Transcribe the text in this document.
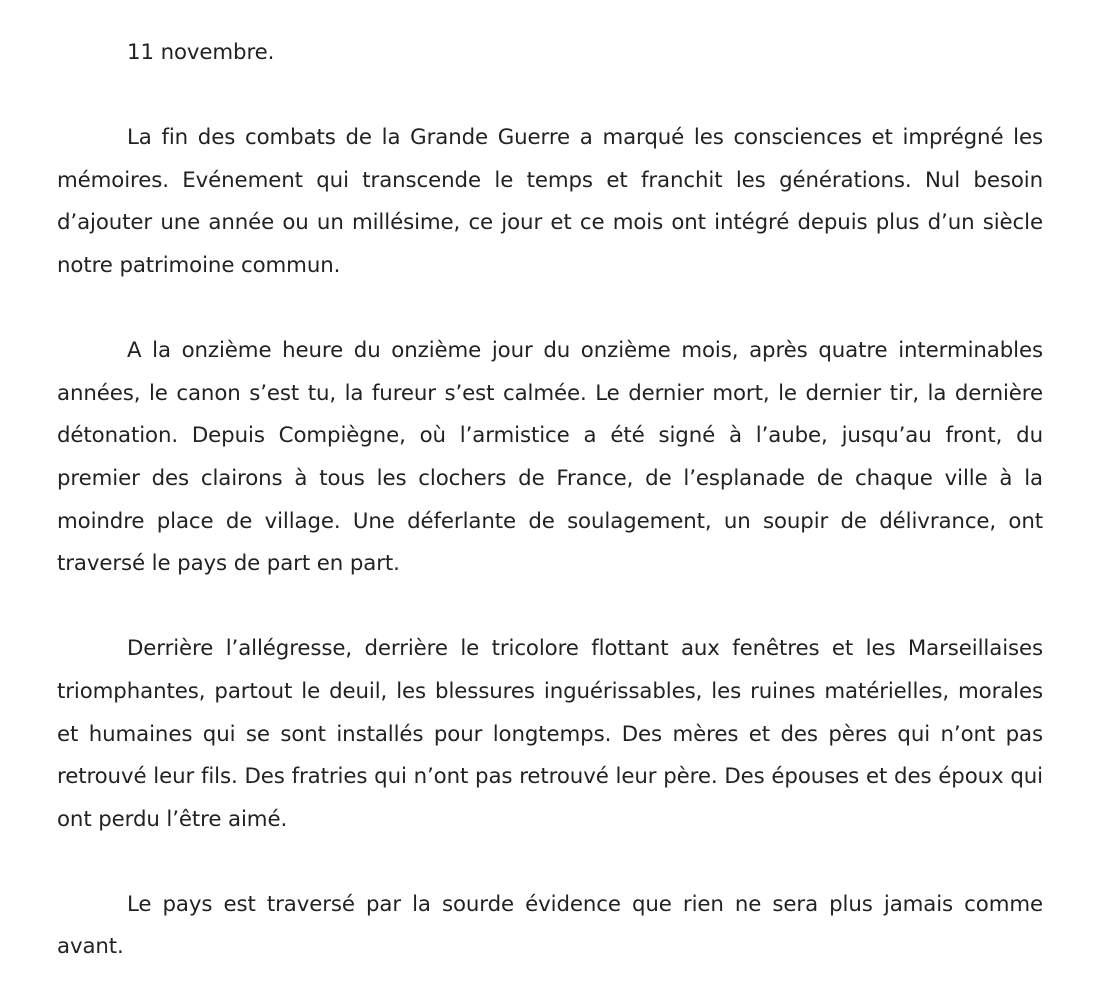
11 novembre.

La fin des combats de la Grande Guerre a marqué les consciences et imprégné les mémoires. Evénement qui transcende le temps et franchit les générations. Nul besoin d’ajouter une année ou un millésime, ce jour et ce mois ont intégré depuis plus d’un siècle notre patrimoine commun.

A la onzième heure du onzième jour du onzième mois, après quatre interminables années, le canon s’est tu, la fureur s’est calmée. Le dernier mort, le dernier tir, la dernière détonation. Depuis Compiègne, où l’armistice a été signé à l’aube, jusqu’au front, du premier des clairons à tous les clochers de France, de l’esplanade de chaque ville à la moindre place de village. Une déferlante de soulagement, un soupir de délivrance, ont traversé le pays de part en part.

Derrière l’allégresse, derrière le tricolore flottant aux fenêtres et les Marseillaises triomphantes, partout le deuil, les blessures inguérissables, les ruines matérielles, morales et humaines qui se sont installés pour longtemps. Des mères et des pères qui n’ont pas retrouvé leur fils. Des fratries qui n’ont pas retrouvé leur père. Des épouses et des époux qui ont perdu l’être aimé.

Le pays est traversé par la sourde évidence que rien ne sera plus jamais comme avant.
